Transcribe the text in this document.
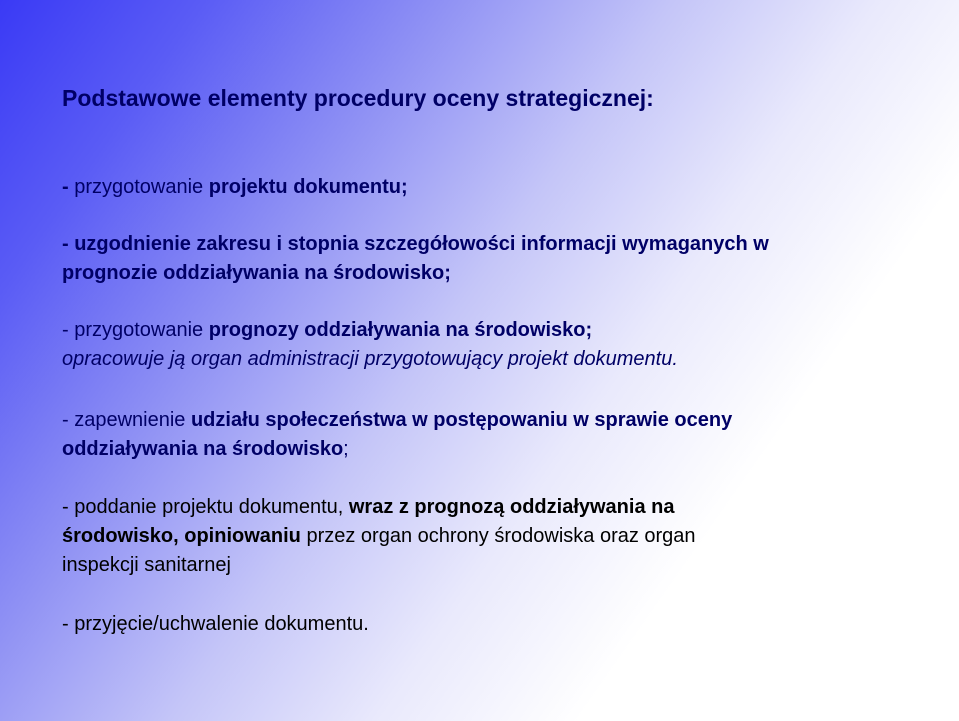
Podstawowe elementy procedury oceny strategicznej:
- przygotowanie projektu dokumentu;
- uzgodnienie zakresu i stopnia szczegółowości informacji wymaganych w
prognozie oddziaływania na środowisko;
- przygotowanie prognozy oddziaływania na środowisko;
opracowuje ją organ administracji przygotowujący projekt dokumentu.
- zapewnienie udziału społeczeństwa w postępowaniu w sprawie oceny
oddziaływania na środowisko;
- poddanie projektu dokumentu, wraz z prognozą oddziaływania na
środowisko, opiniowaniu przez organ ochrony środowiska oraz organ
inspekcji sanitarnej
- przyjęcie/uchwalenie dokumentu.
